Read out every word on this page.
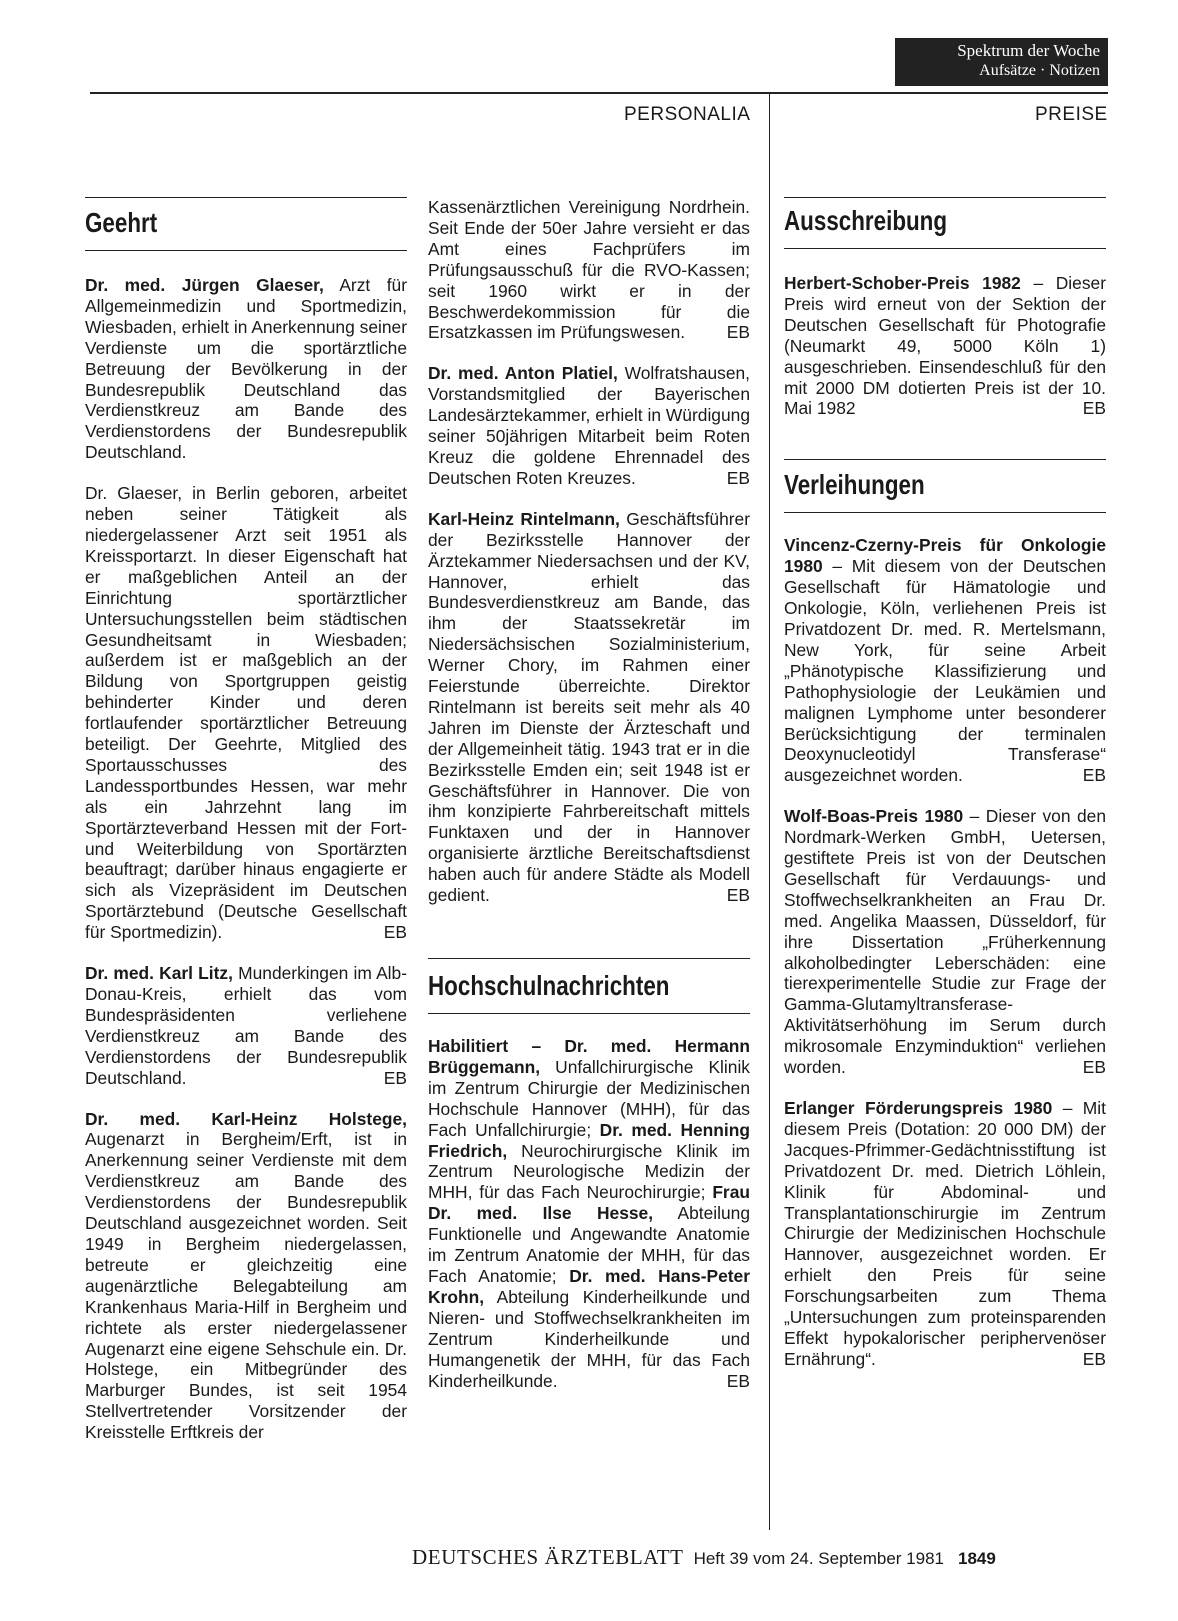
Spektrum der Woche
Aufsätze · Notizen
PERSONALIA	PREISE
Geehrt

Dr. med. Jürgen Glaeser, Arzt für Allgemeinmedizin und Sportmedizin, Wiesbaden, erhielt in Anerkennung seiner Verdienste um die sportärztliche Betreuung der Bevölkerung in der Bundesrepublik Deutschland das Verdienstkreuz am Bande des Verdienstordens der Bundesrepublik Deutschland.

Dr. Glaeser, in Berlin geboren, arbeitet neben seiner Tätigkeit als niedergelassener Arzt seit 1951 als Kreissportarzt. In dieser Eigenschaft hat er maßgeblichen Anteil an der Einrichtung sportärztlicher Untersuchungsstellen beim städtischen Gesundheitsamt in Wiesbaden; außerdem ist er maßgeblich an der Bildung von Sportgruppen geistig behinderter Kinder und deren fortlaufender sportärztlicher Betreuung beteiligt. Der Geehrte, Mitglied des Sportausschusses des Landessportbundes Hessen, war mehr als ein Jahrzehnt lang im Sportärzteverband Hessen mit der Fort- und Weiterbildung von Sportärzten beauftragt; darüber hinaus engagierte er sich als Vizepräsident im Deutschen Sportärztebund (Deutsche Gesellschaft für Sportmedizin).	EB

Dr. med. Karl Litz, Munderkingen im Alb-Donau-Kreis, erhielt das vom Bundespräsidenten verliehene Verdienstkreuz am Bande des Verdienstordens der Bundesrepublik Deutschland.	EB

Dr. med. Karl-Heinz Holstege, Augenarzt in Bergheim/Erft, ist in Anerkennung seiner Verdienste mit dem Verdienstkreuz am Bande des Verdienstordens der Bundesrepublik Deutschland ausgezeichnet worden. Seit 1949 in Bergheim niedergelassen, betreute er gleichzeitig eine augenärztliche Belegabteilung am Krankenhaus Maria-Hilf in Bergheim und richtete als erster niedergelassener Augenarzt eine eigene Sehschule ein. Dr. Holstege, ein Mitbegründer des Marburger Bundes, ist seit 1954 Stellvertretender Vorsitzender der Kreisstelle Erftkreis der

Kassenärztlichen Vereinigung Nordrhein. Seit Ende der 50er Jahre versieht er das Amt eines Fachprüfers im Prüfungsausschuß für die RVO-Kassen; seit 1960 wirkt er in der Beschwerdekommission für die Ersatzkassen im Prüfungswesen. EB

Dr. med. Anton Platiel, Wolfratshausen, Vorstandsmitglied der Bayerischen Landesärztekammer, erhielt in Würdigung seiner 50jährigen Mitarbeit beim Roten Kreuz die goldene Ehrennadel des Deutschen Roten Kreuzes.	EB

Karl-Heinz Rintelmann, Geschäftsführer der Bezirksstelle Hannover der Ärztekammer Niedersachsen und der KV, Hannover, erhielt das Bundesverdienstkreuz am Bande, das ihm der Staatssekretär im Niedersächsischen Sozialministerium, Werner Chory, im Rahmen einer Feierstunde überreichte. Direktor Rintelmann ist bereits seit mehr als 40 Jahren im Dienste der Ärzteschaft und der Allgemeinheit tätig. 1943 trat er in die Bezirksstelle Emden ein; seit 1948 ist er Geschäftsführer in Hannover. Die von ihm konzipierte Fahrbereitschaft mittels Funktaxen und der in Hannover organisierte ärztliche Bereitschaftsdienst haben auch für andere Städte als Modell gedient.	EB

Hochschulnachrichten

Habilitiert – Dr. med. Hermann Brüggemann, Unfallchirurgische Klinik im Zentrum Chirurgie der Medizinischen Hochschule Hannover (MHH), für das Fach Unfallchirurgie; Dr. med. Henning Friedrich, Neurochirurgische Klinik im Zentrum Neurologische Medizin der MHH, für das Fach Neurochirurgie; Frau Dr. med. Ilse Hesse, Abteilung Funktionelle und Angewandte Anatomie im Zentrum Anatomie der MHH, für das Fach Anatomie; Dr. med. Hans-Peter Krohn, Abteilung Kinderheilkunde und Nieren- und Stoffwechselkrankheiten im Zentrum Kinderheilkunde und Humangenetik der MHH, für das Fach Kinderheilkunde.	EB

Ausschreibung

Herbert-Schober-Preis 1982 – Dieser Preis wird erneut von der Sektion der Deutschen Gesellschaft für Photografie (Neumarkt 49, 5000 Köln 1) ausgeschrieben. Einsendeschluß für den mit 2000 DM dotierten Preis ist der 10. Mai 1982	EB

Verleihungen

Vincenz-Czerny-Preis für Onkologie 1980 – Mit diesem von der Deutschen Gesellschaft für Hämatologie und Onkologie, Köln, verliehenen Preis ist Privatdozent Dr. med. R. Mertelsmann, New York, für seine Arbeit „Phänotypische Klassifizierung und Pathophysiologie der Leukämien und malignen Lymphome unter besonderer Berücksichtigung der terminalen Deoxynucleotidyl Transferase“ ausgezeichnet worden.	EB

Wolf-Boas-Preis 1980 – Dieser von den Nordmark-Werken GmbH, Uetersen, gestiftete Preis ist von der Deutschen Gesellschaft für Verdauungs- und Stoffwechselkrankheiten an Frau Dr. med. Angelika Maassen, Düsseldorf, für ihre Dissertation „Früherkennung alkoholbedingter Leberschäden: eine tierexperimentelle Studie zur Frage der Gamma-Glutamyltransferase-Aktivitätserhöhung im Serum durch mikrosomale Enzyminduktion“ verliehen worden.	EB

Erlanger Förderungspreis 1980 – Mit diesem Preis (Dotation: 20 000 DM) der Jacques-Pfrimmer-Gedächtnisstiftung ist Privatdozent Dr. med. Dietrich Löhlein, Klinik für Abdominal- und Transplantationschirurgie im Zentrum Chirurgie der Medizinischen Hochschule Hannover, ausgezeichnet worden. Er erhielt den Preis für seine Forschungsarbeiten zum Thema „Untersuchungen zum proteinsparenden Effekt hypokalorischer periphervenöser Ernährung“.	EB

DEUTSCHES ÄRZTEBLATT Heft 39 vom 24. September 1981 1849
